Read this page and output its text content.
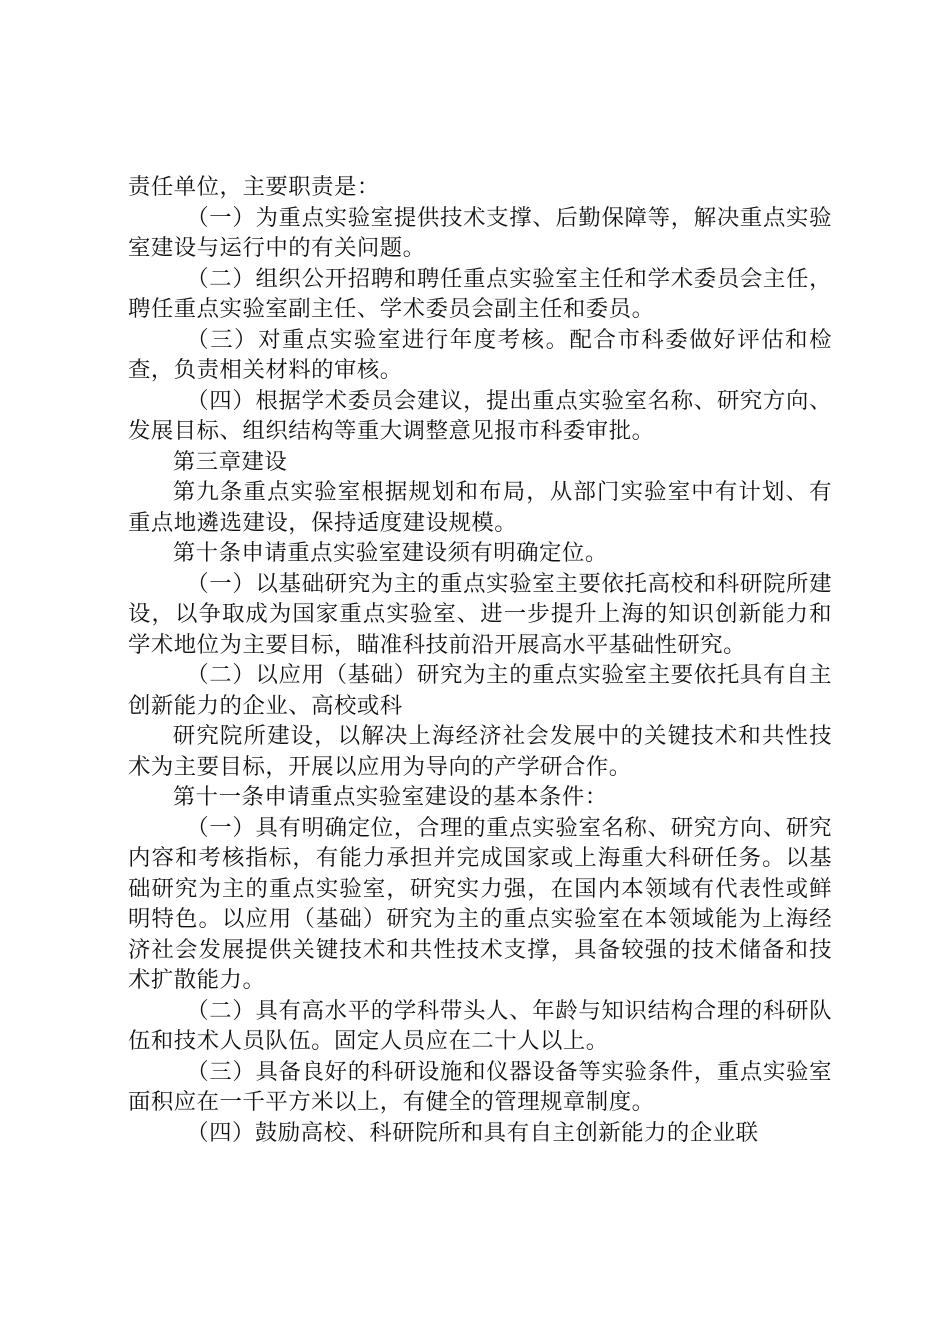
责任单位，主要职责是：

（一）为重点实验室提供技术支撑、后勤保障等，解决重点实验室建设与运行中的有关问题。

（二）组织公开招聘和聘任重点实验室主任和学术委员会主任，聘任重点实验室副主任、学术委员会副主任和委员。

（三）对重点实验室进行年度考核。配合市科委做好评估和检查，负责相关材料的审核。

（四）根据学术委员会建议，提出重点实验室名称、研究方向、发展目标、组织结构等重大调整意见报市科委审批。

第三章建设

第九条重点实验室根据规划和布局，从部门实验室中有计划、有重点地遴选建设，保持适度建设规模。

第十条申请重点实验室建设须有明确定位。

（一）以基础研究为主的重点实验室主要依托高校和科研院所建设，以争取成为国家重点实验室、进一步提升上海的知识创新能力和学术地位为主要目标，瞄准科技前沿开展高水平基础性研究。

（二）以应用（基础）研究为主的重点实验室主要依托具有自主创新能力的企业、高校或科

研究院所建设，以解决上海经济社会发展中的关键技术和共性技术为主要目标，开展以应用为导向的产学研合作。

第十一条申请重点实验室建设的基本条件：

（一）具有明确定位，合理的重点实验室名称、研究方向、研究内容和考核指标，有能力承担并完成国家或上海重大科研任务。以基础研究为主的重点实验室，研究实力强，在国内本领域有代表性或鲜明特色。以应用（基础）研究为主的重点实验室在本领域能为上海经济社会发展提供关键技术和共性技术支撑，具备较强的技术储备和技术扩散能力。

（二）具有高水平的学科带头人、年龄与知识结构合理的科研队伍和技术人员队伍。固定人员应在二十人以上。

（三）具备良好的科研设施和仪器设备等实验条件，重点实验室面积应在一千平方米以上，有健全的管理规章制度。

（四）鼓励高校、科研院所和具有自主创新能力的企业联
